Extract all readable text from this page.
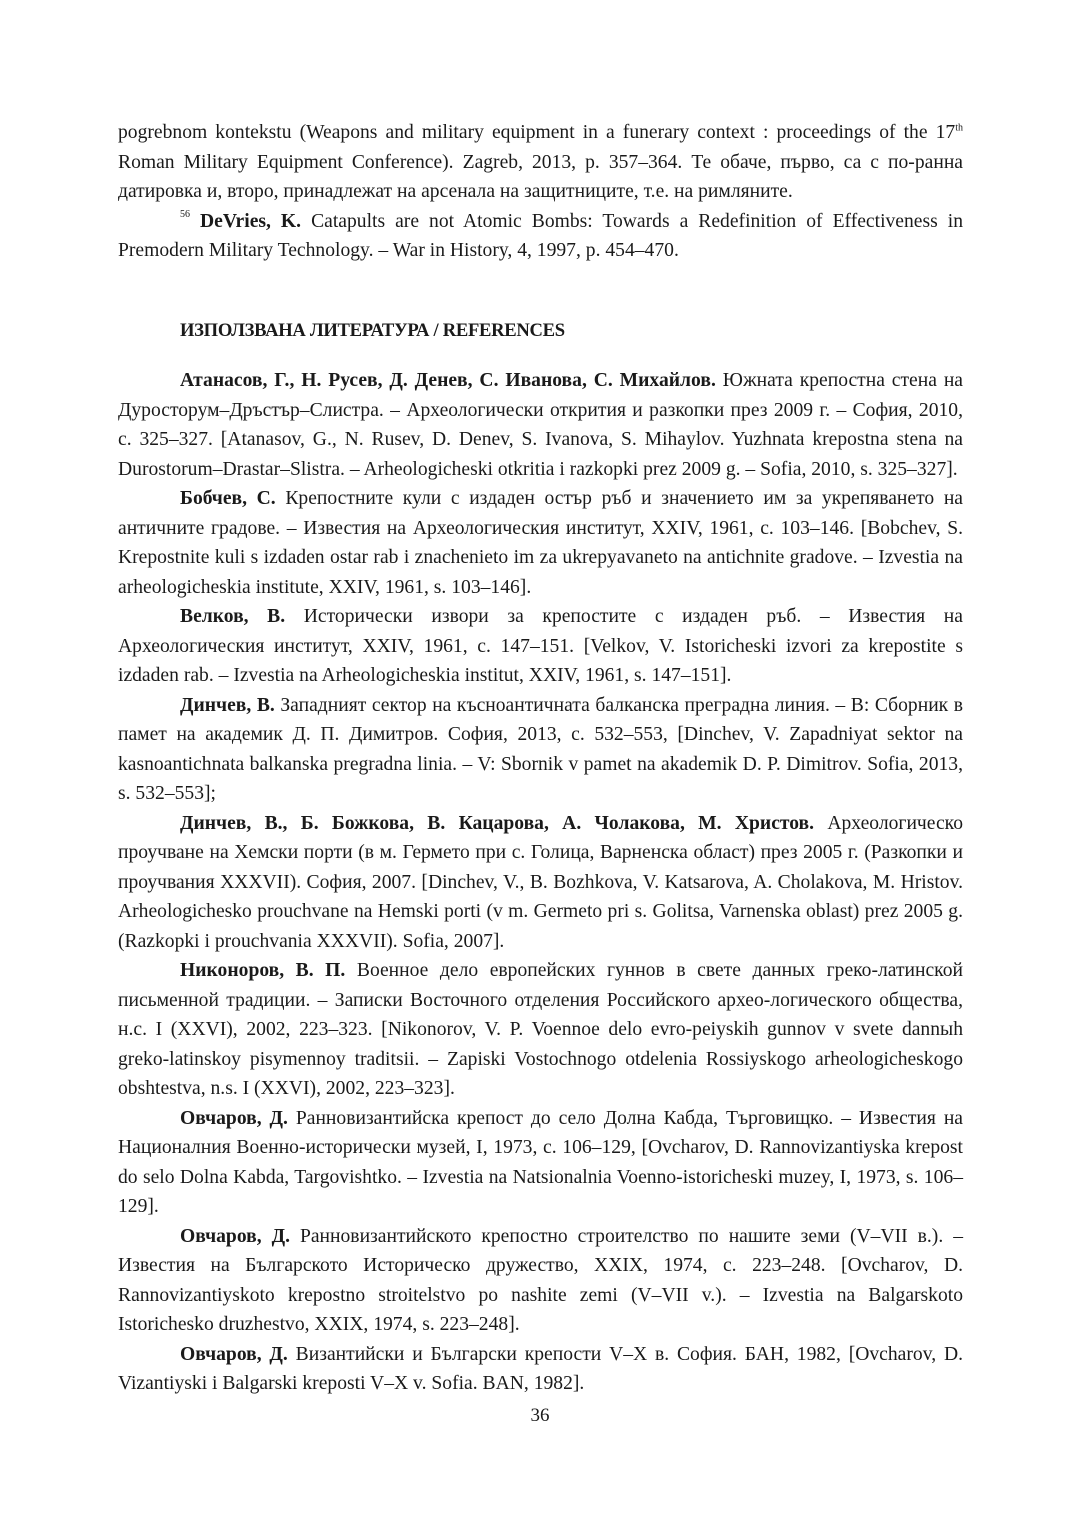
pogrebnom kontekstu (Weapons and military equipment in a funerary context : proceedings of the 17th Roman Military Equipment Conference). Zagreb, 2013, p. 357–364. Те обаче, първо, са с по-ранна датировка и, второ, принадлежат на арсенала на защитниците, т.е. на римляните.

$^{56}$ DeVries, K. Catapults are not Atomic Bombs: Towards a Redefinition of Effectiveness in Premodern Military Technology. – War in History, 4, 1997, p. 454–470.

ИЗПОЛЗВАНА ЛИТЕРАТУРА / REFERENCES

Атанасов, Г., Н. Русев, Д. Денев, С. Иванова, С. Михайлов. Южната крепостна стена на Дуросторум–Дръстър–Слистра. – Археологически открития и разкопки през 2009 г. – София, 2010, с. 325–327. [Atanasov, G., N. Rusev, D. Denev, S. Ivanova, S. Mihaylov. Yuzhnata krepostna stena na Durostorum–Drastar–Slistra. – Arheologicheski otkritia i razkopki prez 2009 g. – Sofia, 2010, s. 325–327].

Бобчев, С. Крепостните кули с издаден остър ръб и значението им за укрепяването на античните градове. – Известия на Археологическия институт, XXIV, 1961, с. 103–146. [Bobchev, S. Krepostnite kuli s izdaden ostar rab i znachenieto im za ukrepyavaneto na antichnite gradove. – Izvestia na arheologicheskia institute, XXIV, 1961, s. 103–146].

Велков, В. Исторически извори за крепостите с издаден ръб. – Известия на Археологическия институт, XXIV, 1961, с. 147–151. [Velkov, V. Istoricheski izvori za krepostite s izdaden rab. – Izvestia na Arheologicheskia institut, XXIV, 1961, s. 147–151].

Динчев, В. Западният сектор на късноантичната балканска преградна линия. – В: Сборник в памет на академик Д. П. Димитров. София, 2013, с. 532–553, [Dinchev, V. Zapadniyat sektor na kasnoantichnata balkanska pregradna linia. – V: Sbornik v pamet na akademik D. P. Dimitrov. Sofia, 2013, s. 532–553];

Динчев, В., Б. Божкова, В. Кацарова, А. Чолакова, М. Христов. Археологическо проучване на Хемски порти (в м. Гермето при с. Голица, Варненска област) през 2005 г. (Разкопки и проучвания XXXVII). София, 2007. [Dinchev, V., B. Bozhkova, V. Katsarova, A. Cholakova, M. Hristov. Arheologichesko prouchvane na Hemski porti (v m. Germeto pri s. Golitsa, Varnenska oblast) prez 2005 g. (Razkopki i prouchvania XXXVII). Sofia, 2007].

Никоноров, В. П. Военное дело европейских гуннов в свете данных греко-латинской письменной традиции. – Записки Восточного отделения Российского архео-логического общества, н.с. I (XXVI), 2002, 223–323. [Nikonorov, V. P. Voennoe delo evro-peiyskih gunnov v svete dannыh greko-latinskoy pisymennoy traditsii. – Zapiski Vostochnogo otdelenia Rossiyskogo arheologicheskogo obshtestva, n.s. I (XXVI), 2002, 223–323].

Овчаров, Д. Ранновизантийска крепост до село Долна Кабда, Търговищко. – Известия на Националния Военно-исторически музей, I, 1973, с. 106–129, [Ovcharov, D. Rannovizantiyska krepost do selo Dolna Kabda, Targovishtko. – Izvestia na Natsionalnia Voenno-istoricheski muzey, I, 1973, s. 106–129].

Овчаров, Д. Ранновизантийското крепостно строителство по нашите земи (V–VII в.). – Известия на Българското Историческо дружество, XXIX, 1974, с. 223–248. [Ovcharov, D. Rannovizantiyskoto krepostno stroitelstvo po nashite zemi (V–VII v.). – Izvestia na Balgarskoto Istorichesko druzhestvo, XXIX, 1974, s. 223–248].

Овчаров, Д. Византийски и Български крепости V–X в. София. БАН, 1982, [Ovcharov, D. Vizantiyski i Balgarski kreposti V–X v. Sofia. BAN, 1982].

36
